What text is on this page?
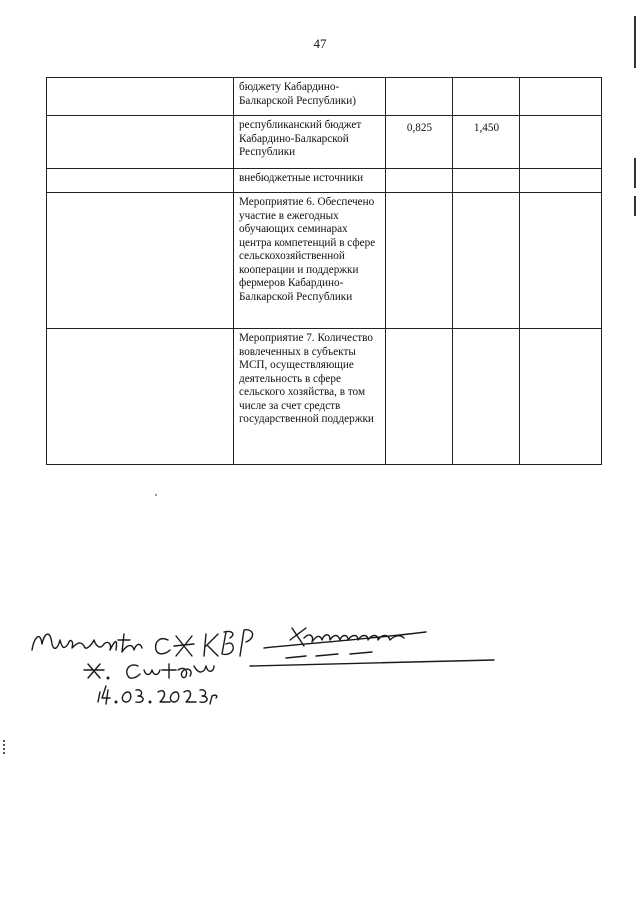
47
	бюджету Кабардино-Балкарской Республики)			
	республиканский бюджет Кабардино-Балкарской Республики	0,825	1,450	
	внебюджетные источники			
	Мероприятие 6. Обеспечено участие в ежегодных обучающих семинарах центра компетенций в сфере сельскохозяйственной кооперации и поддержки фермеров Кабардино-Балкарской Республики			
	Мероприятие 7. Количество вовлеченных в субъекты МСП, осуществляющие деятельность в сфере сельского хозяйства, в том числе за счет средств государственной поддержки			
